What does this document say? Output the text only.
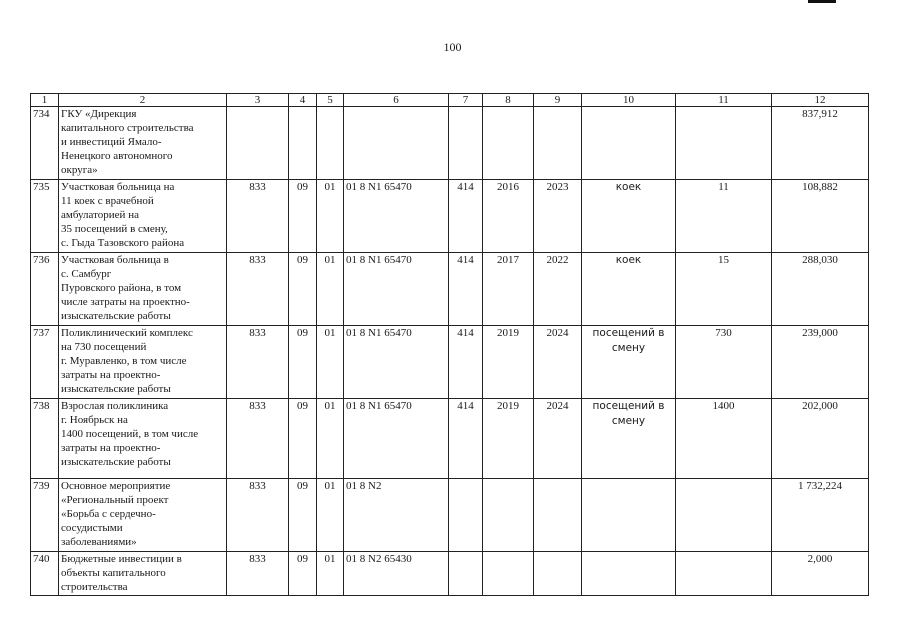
100
1	2	3	4	5	6	7	8	9	10	11	12
734	ГКУ «Дирекция
капитального строительства
и инвестиций Ямало-
Ненецкого автономного
округа»										837,912
735	Участковая больница на
11 коек с врачебной
амбулаторией на
35 посещений в смену,
с. Гыда Тазовского района	833	09	01	01 8 N1 65470	414	2016	2023	коек	11	108,882
736	Участковая больница в
с. Самбург
Пуровского района, в том
числе затраты на проектно-
изыскательские работы	833	09	01	01 8 N1 65470	414	2017	2022	коек	15	288,030
737	Поликлинический комплекс
на 730 посещений
г. Муравленко, в том числе
затраты на проектно-
изыскательские работы	833	09	01	01 8 N1 65470	414	2019	2024	посещений в
смену	730	239,000
738	Взрослая поликлиника
г. Ноябрьск на
1400 посещений, в том числе
затраты на проектно-
изыскательские работы	833	09	01	01 8 N1 65470	414	2019	2024	посещений в
смену	1400	202,000
739	Основное мероприятие
«Региональный проект
«Борьба с сердечно-
сосудистыми
заболеваниями»	833	09	01	01 8 N2						1 732,224
740	Бюджетные инвестиции в
объекты капитального
строительства	833	09	01	01 8 N2 65430						2,000
